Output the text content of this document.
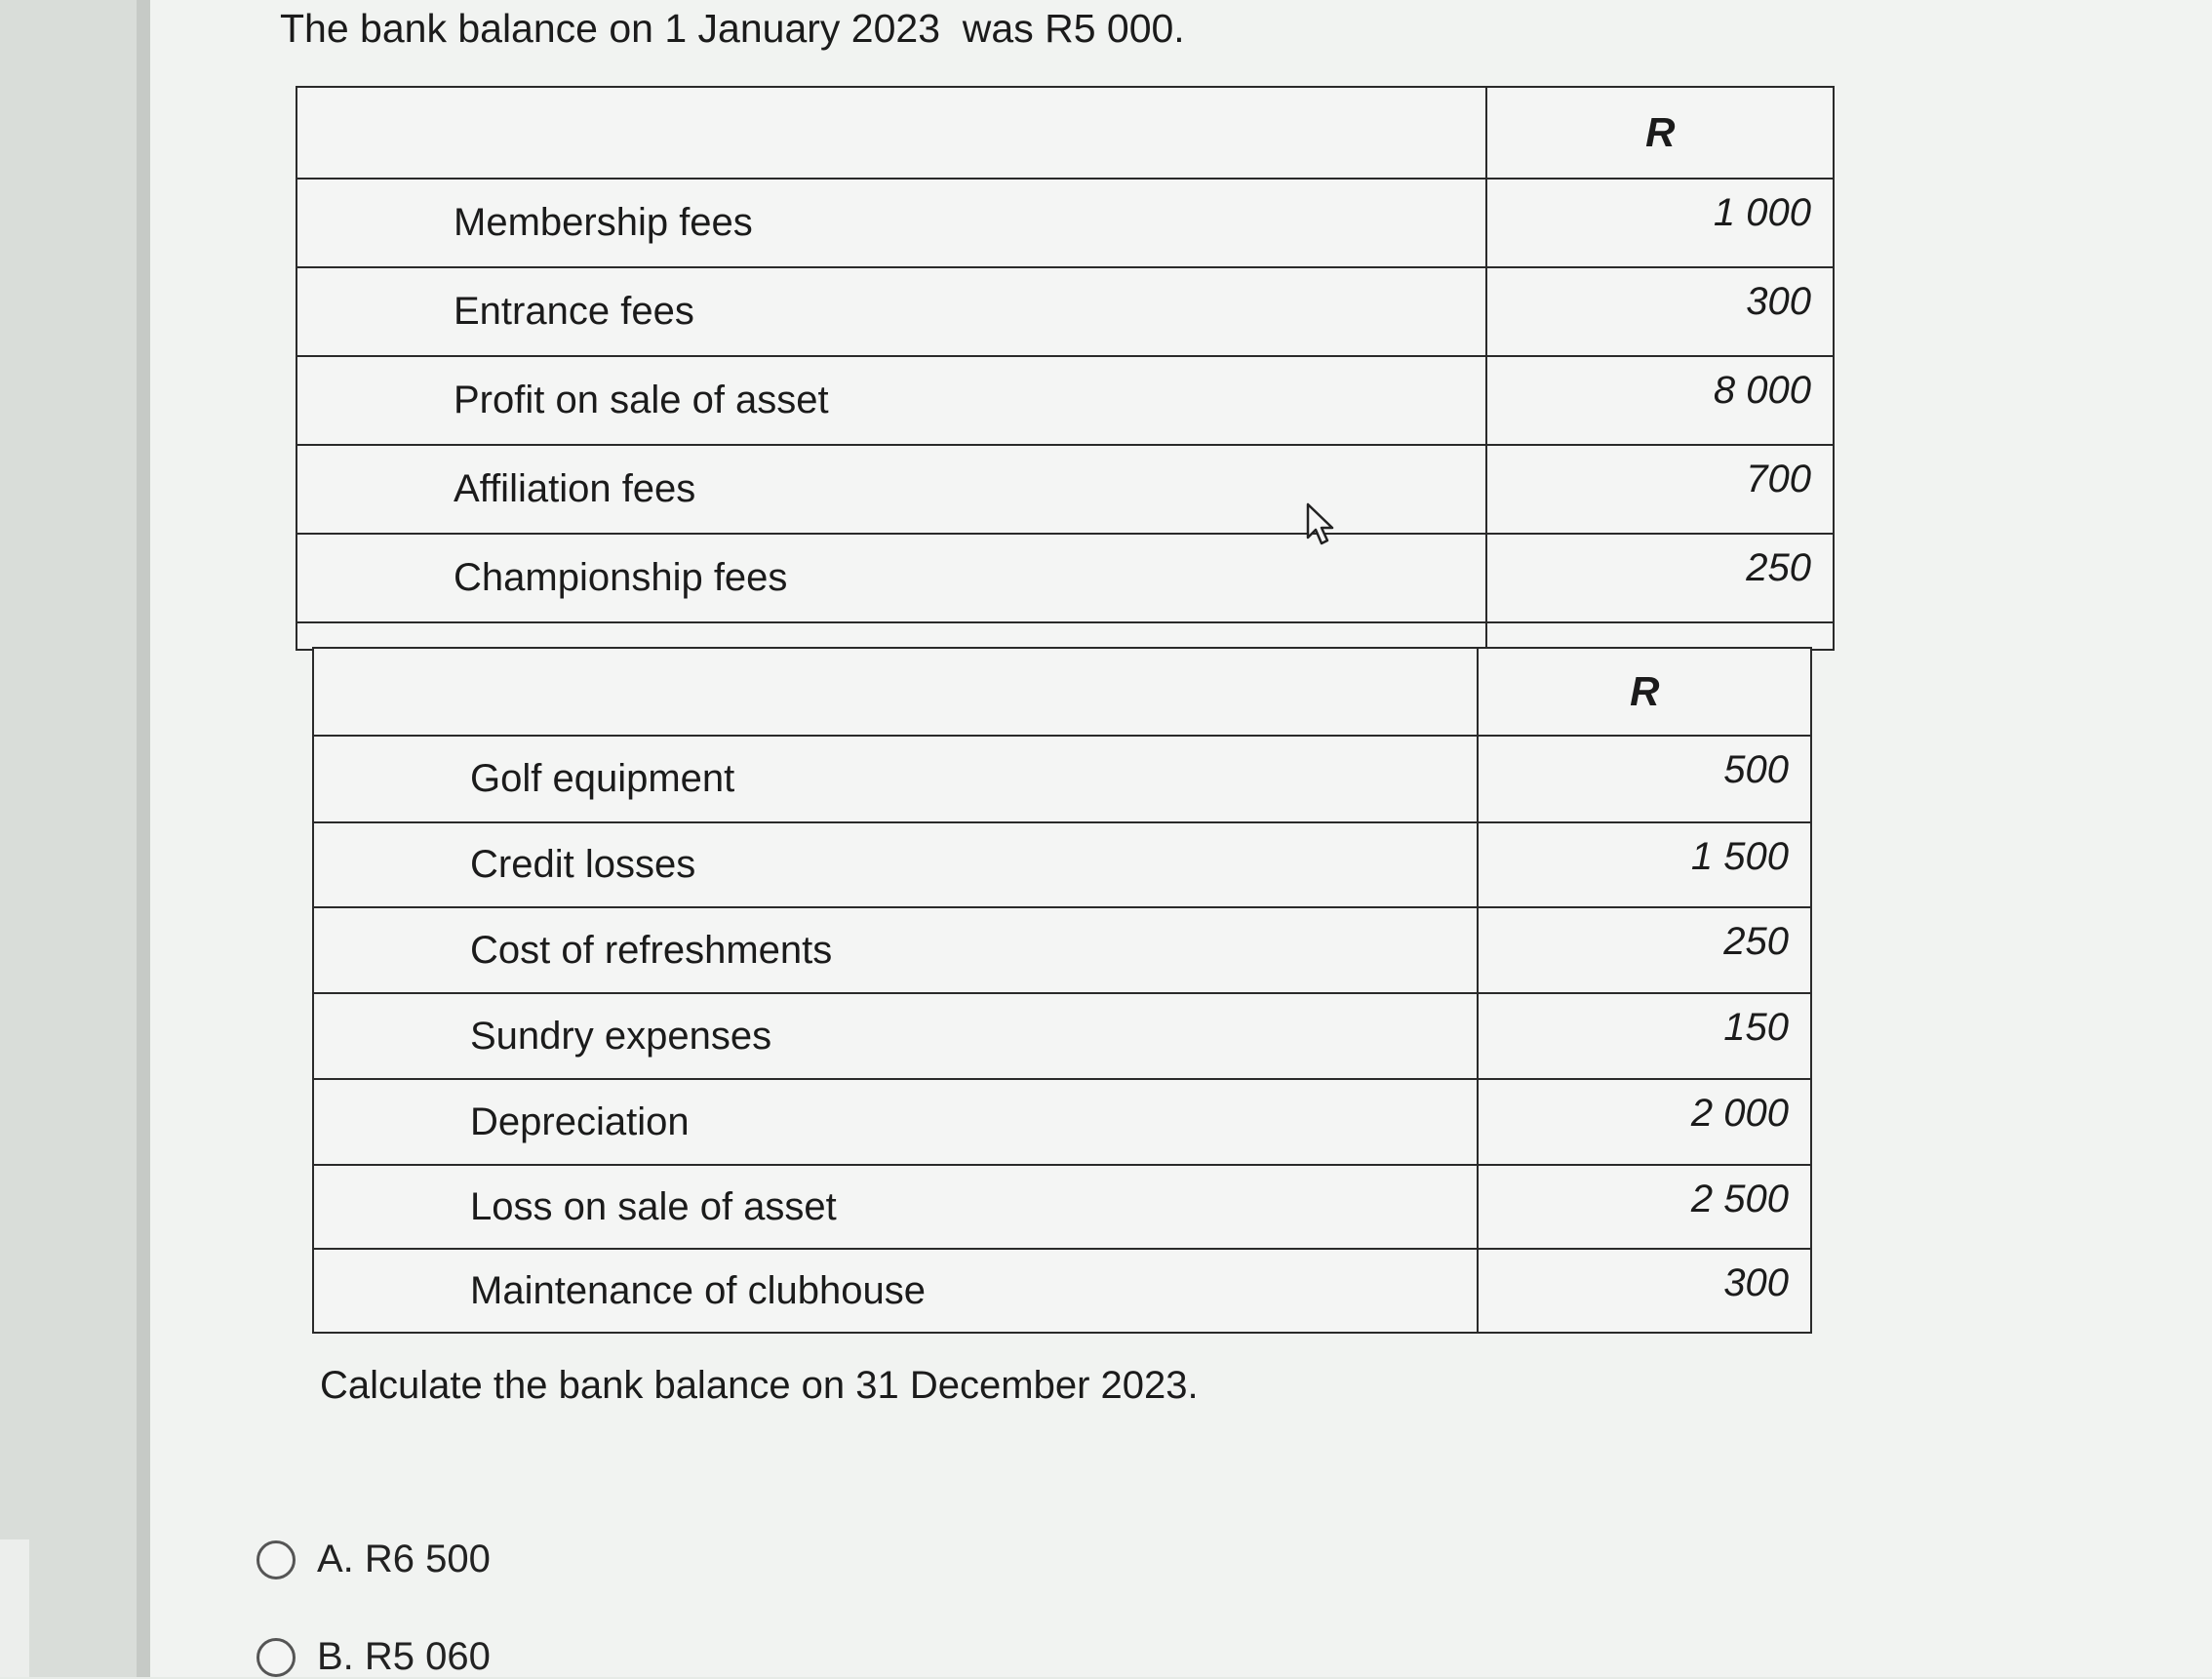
The bank balance on 1 January 2023  was R5 000.
	R
Membership fees	1 000
Entrance fees	300
Profit on sale of asset	8 000
Affiliation fees	700
Championship fees	250

	R
Golf equipment	500
Credit losses	1 500
Cost of refreshments	250
Sundry expenses	150
Depreciation	2 000
Loss on sale of asset	2 500
Maintenance of clubhouse	300
Calculate the bank balance on 31 December 2023.
A. R6 500
B. R5 060
